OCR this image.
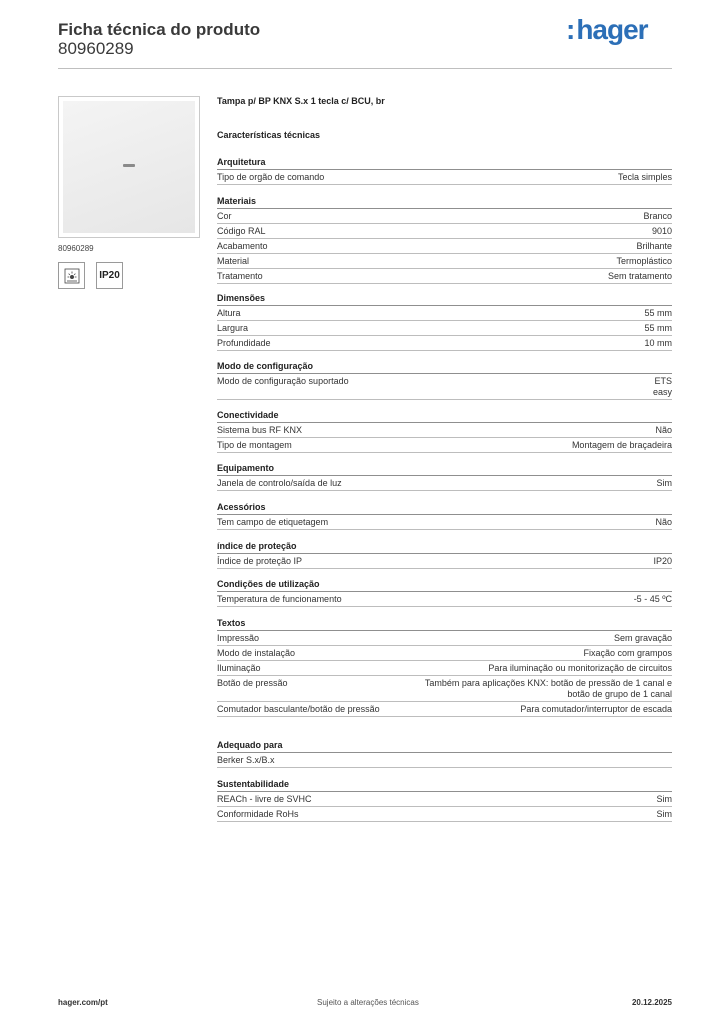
Ficha técnica do produto
80960289
:hager
80960289
IP20
Tampa p/ BP KNX S.x 1 tecla c/ BCU, br
Características técnicas
Arquitetura
Tipo de orgão de comando	Tecla simples
Materiais
Cor	Branco
Código RAL	9010
Acabamento	Brilhante
Material	Termoplástico
Tratamento	Sem tratamento
Dimensões
Altura	55 mm
Largura	55 mm
Profundidade	10 mm
Modo de configuração
Modo de configuração suportado	ETS
easy
Conectividade
Sistema bus RF KNX	Não
Tipo de montagem	Montagem de braçadeira
Equipamento
Janela de controlo/saída de luz	Sim
Acessórios
Tem campo de etiquetagem	Não
índice de proteção
Índice de proteção IP	IP20
Condições de utilização
Temperatura de funcionamento	-5 - 45 ºC
Textos
Impressão	Sem gravação
Modo de instalação	Fixação com grampos
Iluminação	Para iluminação ou monitorização de circuitos
Botão de pressão	Também para aplicações KNX: botão de pressão de 1 canal e
botão de grupo de 1 canal
Comutador basculante/botão de pressão	Para comutador/interruptor de escada
Adequado para
Berker S.x/B.x
Sustentabilidade
REACh - livre de SVHC	Sim
Conformidade RoHs	Sim
hager.com/pt	Sujeito a alterações técnicas	20.12.2025
